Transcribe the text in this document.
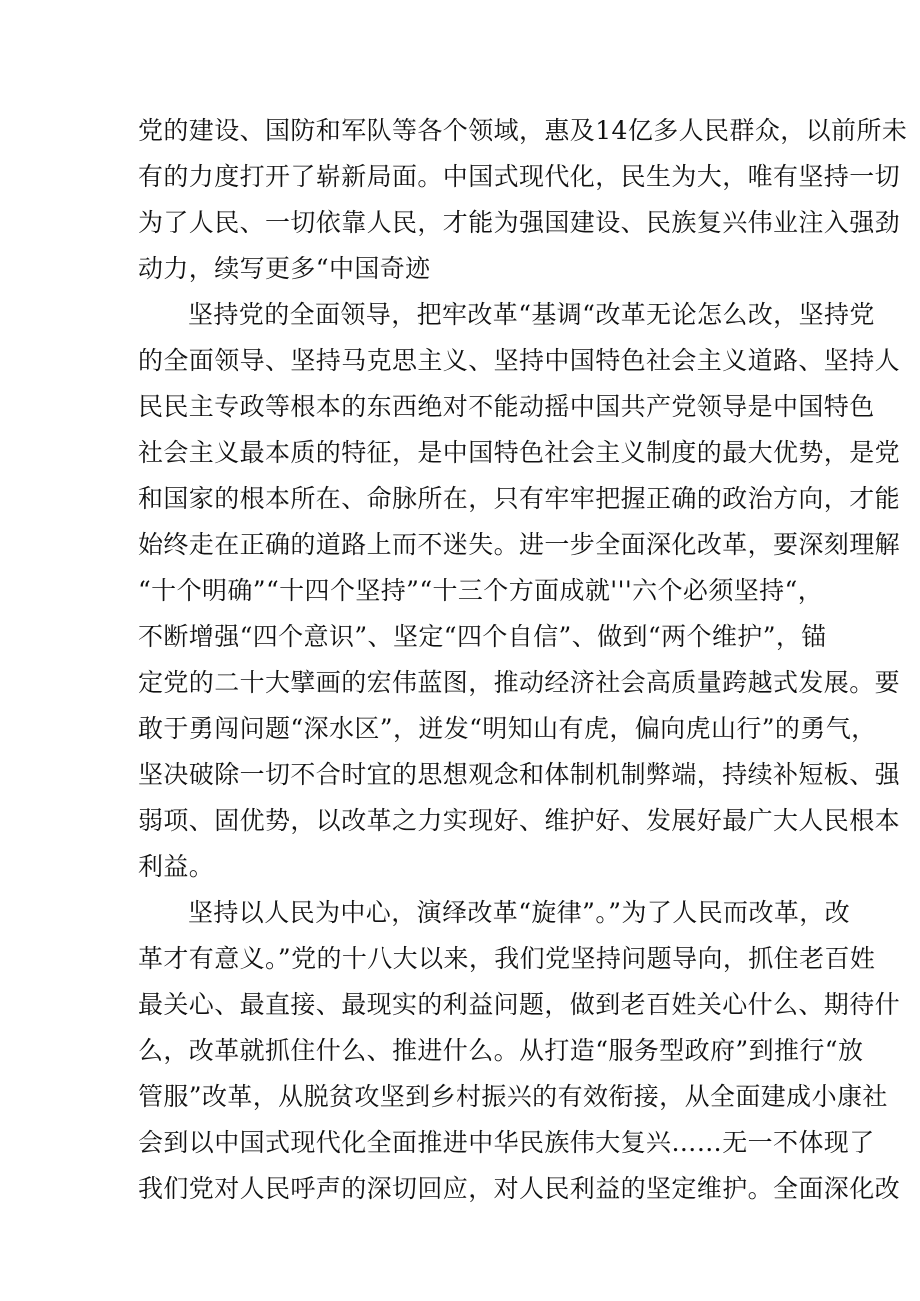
党的建设、国防和军队等各个领域，惠及14亿多人民群众，以前所未

有的力度打开了崭新局面。中国式现代化，民生为大，唯有坚持一切

为了人民、一切依靠人民，才能为强国建设、民族复兴伟业注入强劲

动力，续写更多“中国奇迹

坚持党的全面领导，把牢改革“基调“改革无论怎么改，坚持党

的全面领导、坚持马克思主义、坚持中国特色社会主义道路、坚持人

民民主专政等根本的东西绝对不能动摇中国共产党领导是中国特色

社会主义最本质的特征，是中国特色社会主义制度的最大优势，是党

和国家的根本所在、命脉所在，只有牢牢把握正确的政治方向，才能

始终走在正确的道路上而不迷失。进一步全面深化改革，要深刻理解

“十个明确”“十四个坚持”“十三个方面成就'''六个必须坚持“，

不断增强“四个意识”、坚定“四个自信”、做到“两个维护”，锚

定党的二十大擘画的宏伟蓝图，推动经济社会高质量跨越式发展。要

敢于勇闯问题“深水区”，迸发“明知山有虎，偏向虎山行”的勇气，

坚决破除一切不合时宜的思想观念和体制机制弊端，持续补短板、强

弱项、固优势，以改革之力实现好、维护好、发展好最广大人民根本

利益。

坚持以人民为中心，演绎改革“旋律”。”为了人民而改革，改

革才有意义。”党的十八大以来，我们党坚持问题导向，抓住老百姓

最关心、最直接、最现实的利益问题，做到老百姓关心什么、期待什

么，改革就抓住什么、推进什么。从打造“服务型政府”到推行“放

管服”改革，从脱贫攻坚到乡村振兴的有效衔接，从全面建成小康社

会到以中国式现代化全面推进中华民族伟大复兴……无一不体现了

我们党对人民呼声的深切回应，对人民利益的坚定维护。全面深化改
